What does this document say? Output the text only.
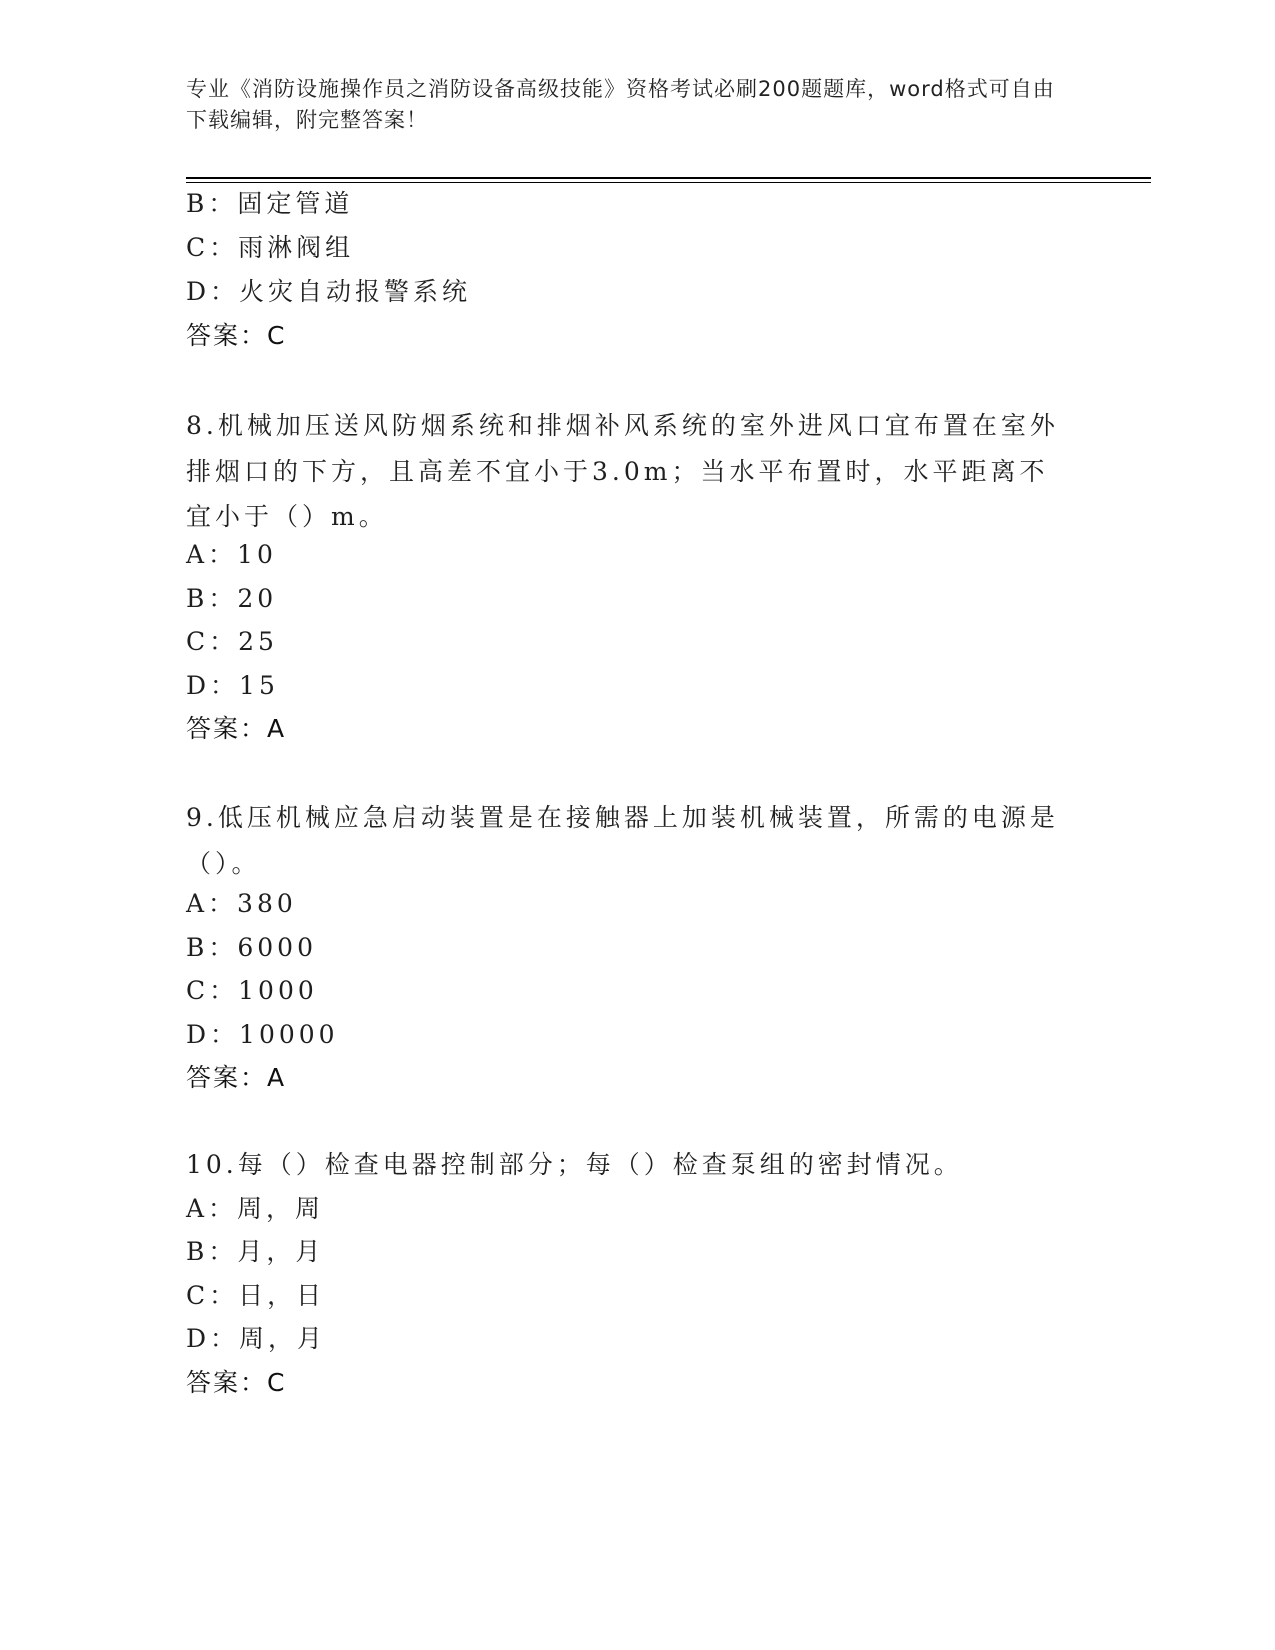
专业《消防设施操作员之消防设备高级技能》资格考试必刷200题题库，word格式可自由下载编辑，附完整答案！
B：固定管道
C：雨淋阀组
D：火灾自动报警系统
答案：C
8.机械加压送风防烟系统和排烟补风系统的室外进风口宜布置在室外排烟口的下方，且高差不宜小于3.0m；当水平布置时，水平距离不宜小于（）m。
A：10
B：20
C：25
D：15
答案：A
9.低压机械应急启动装置是在接触器上加装机械装置，所需的电源是（）。
A：380
B：6000
C：1000
D：10000
答案：A
10.每（）检查电器控制部分；每（）检查泵组的密封情况。
A：周，周
B：月，月
C：日，日
D：周，月
答案：C
